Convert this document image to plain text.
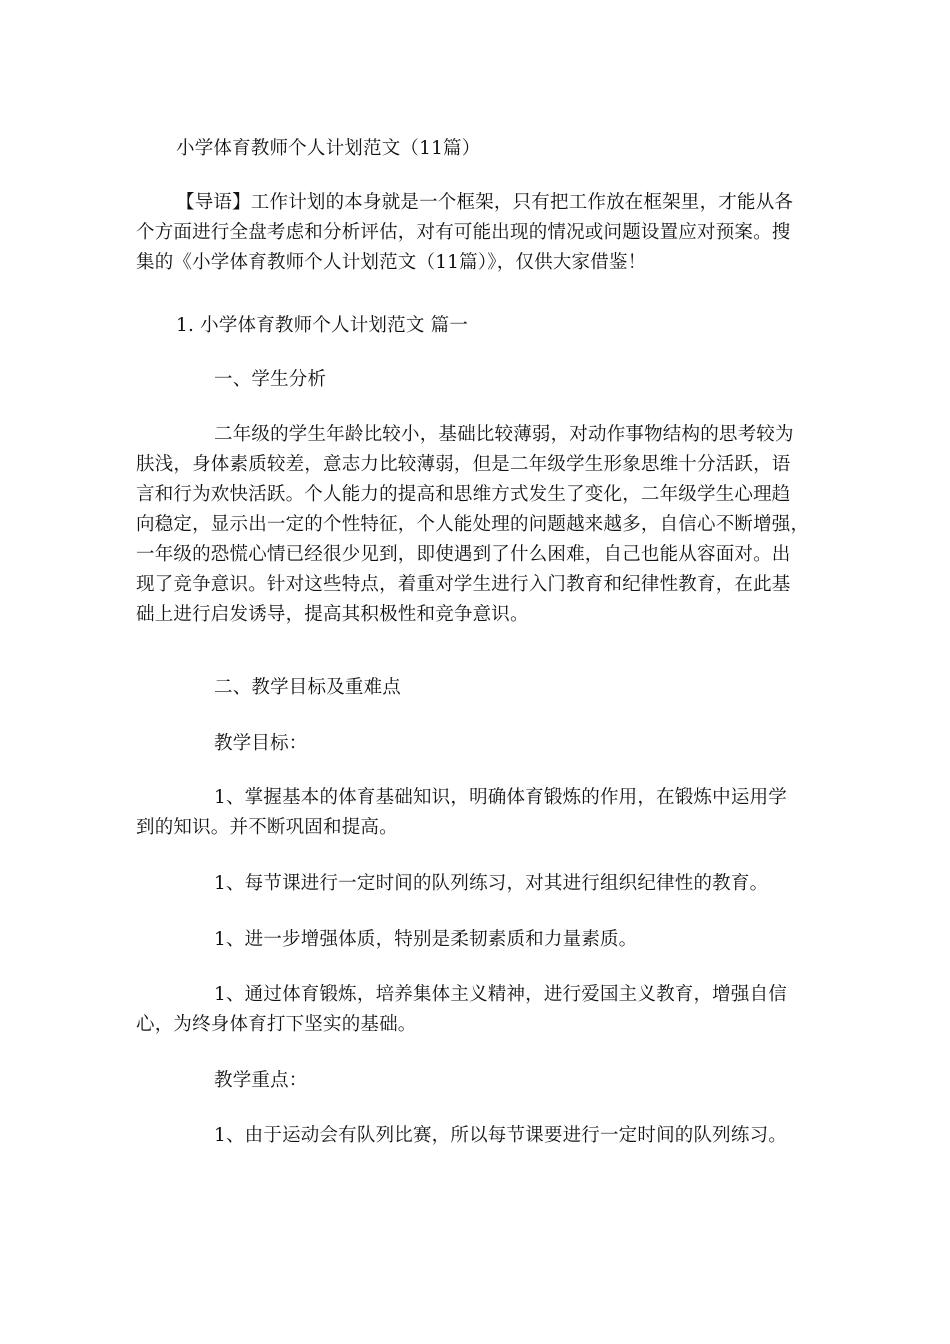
小学体育教师个人计划范文（11篇）
【导语】工作计划的本身就是一个框架，只有把工作放在框架里，才能从各
个方面进行全盘考虑和分析评估，对有可能出现的情况或问题设置应对预案。搜
集的《小学体育教师个人计划范文（11篇）》，仅供大家借鉴！
1. 小学体育教师个人计划范文 篇一
一、学生分析
二年级的学生年龄比较小，基础比较薄弱，对动作事物结构的思考较为
肤浅，身体素质较差，意志力比较薄弱，但是二年级学生形象思维十分活跃，语
言和行为欢快活跃。个人能力的提高和思维方式发生了变化，二年级学生心理趋
向稳定，显示出一定的个性特征，个人能处理的问题越来越多，自信心不断增强，
一年级的恐慌心情已经很少见到，即使遇到了什么困难，自己也能从容面对。出
现了竞争意识。针对这些特点，着重对学生进行入门教育和纪律性教育，在此基
础上进行启发诱导，提高其积极性和竞争意识。
二、教学目标及重难点
教学目标：
1、掌握基本的体育基础知识，明确体育锻炼的作用，在锻炼中运用学
到的知识。并不断巩固和提高。
1、每节课进行一定时间的队列练习，对其进行组织纪律性的教育。
1、进一步增强体质，特别是柔韧素质和力量素质。
1、通过体育锻炼，培养集体主义精神，进行爱国主义教育，增强自信
心，为终身体育打下坚实的基础。
教学重点：
1、由于运动会有队列比赛，所以每节课要进行一定时间的队列练习。
